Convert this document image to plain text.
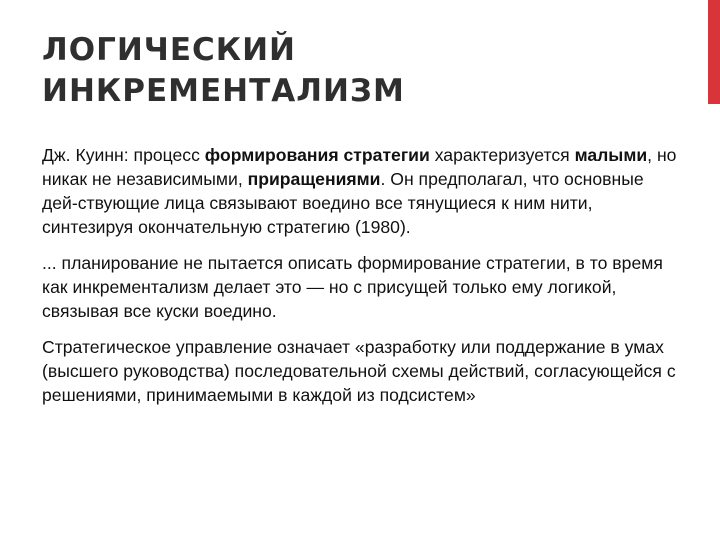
ЛОГИЧЕСКИЙ
ИНКРЕМЕНТАЛИЗМ

Дж. Куинн: процесс формирования стратегии характеризуется малыми, но никак не независимыми, приращениями. Он предполагал, что основные дей-ствующие лица связывают воедино все тянущиеся к ним нити, синтезируя окончательную стратегию (1980).

... планирование не пытается описать формирование стратегии, в то время как инкрементализм делает это — но с присущей только ему логикой, связывая все куски воедино.

Стратегическое управление означает «разработку или поддержание в умах (высшего руководства) последовательной схемы действий, согласующейся с решениями, принимаемыми в каждой из подсистем»
